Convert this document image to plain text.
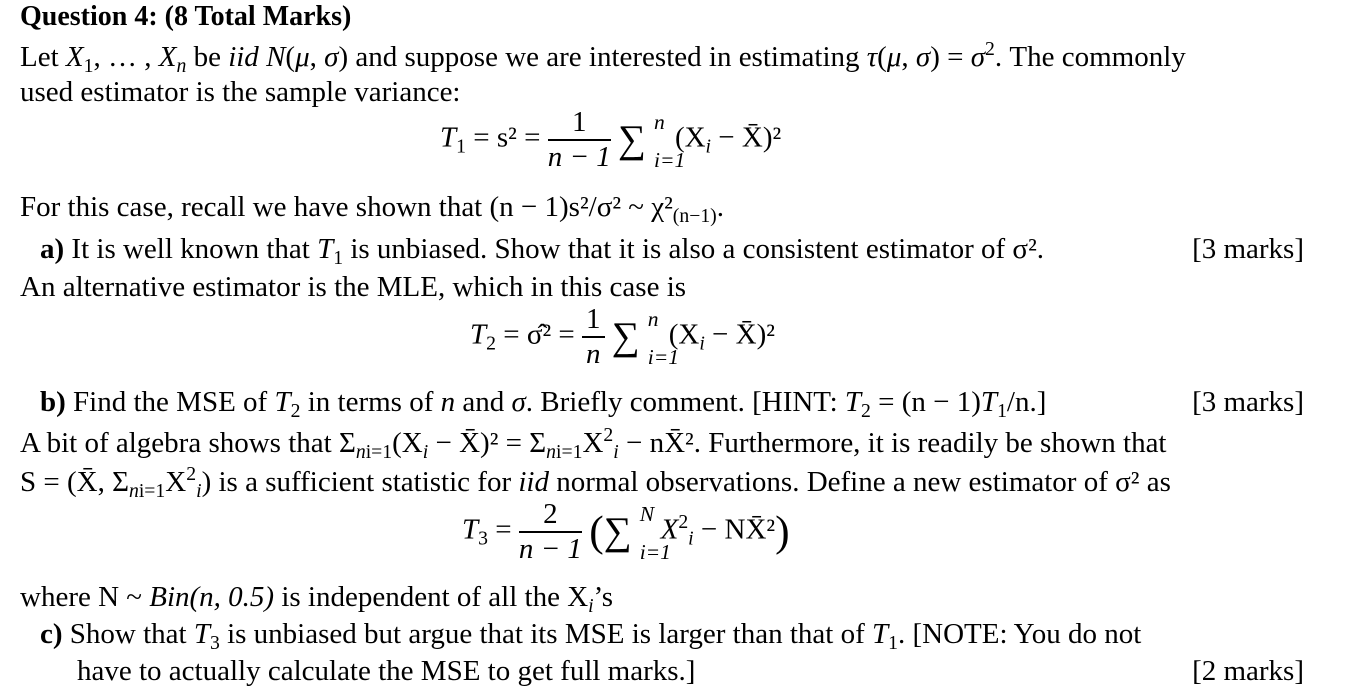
Question 4: (8 Total Marks)
Let $X_1$, … , $X_n$ be iid N(μ, σ) and suppose we are interested in estimating τ(μ, $\sigma) = \sigma^2$. The commonly
used estimator is the sample variance:
$T_1 = s^2 = \frac{1}{n - 1}$ ∑ n
i=1
($X_i$ − X̄)²
For this case, recall we have shown that (n − 1)s²/σ² ~ $\chi^2_{(n-1)}$.
a) It is well known that $T_1$ is unbiased. Show that it is also a consistent estimator of σ².	[3 marks]
An alternative estimator is the MLE, which in this case is
$T_2$ = σ̂² = $\frac{1}{n}$ ∑ n
i=1
($X_i$ − X̄)²
b) Find the MSE of $T_2$ in terms of n and σ. Briefly comment. [HINT: $T_2 = (n - 1)T_1/n$.]	[3 marks]
A bit of algebra shows that $\Sigma_{ni=1}(X_i$ − X̄)² = $\Sigma_{ni=1}X^2_i$ − nX̄². Furthermore, it is readily be shown that
S = (X̄, $\Sigma_{ni=1}X^2_i$) is a sufficient statistic for iid normal observations. Define a new estimator of σ² as
$T_3 = \frac{2}{n - 1}$ (∑ N
i=1
$X^2_i$ − NX̄²)
where N ~ Bin(n, 0.5) is independent of all the $X_i’s$
c) Show that $T_3$ is unbiased but argue that its MSE is larger than that of $T_1$. [NOTE: You do not
have to actually calculate the MSE to get full marks.]	[2 marks]
